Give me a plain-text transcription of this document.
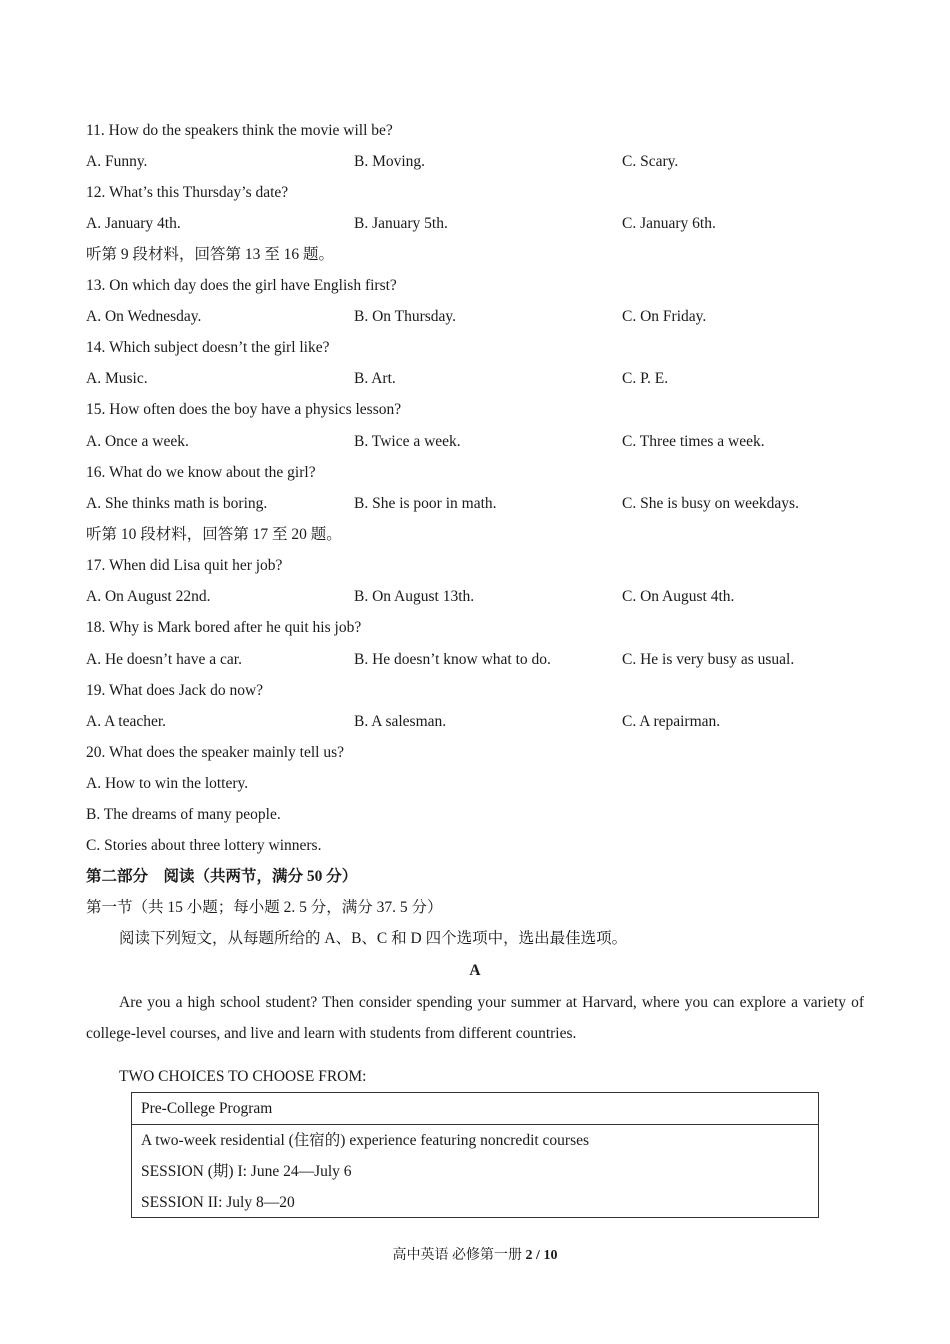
11. How do the speakers think the movie will be?
A. Funny.	B. Moving.	C. Scary.
12. What’s this Thursday’s date?
A. January 4th.	B. January 5th.	C. January 6th.
听第 9 段材料，回答第 13 至 16 题。
13. On which day does the girl have English first?
A. On Wednesday.	B. On Thursday.	C. On Friday.
14. Which subject doesn’t the girl like?
A. Music.	B. Art.	C. P. E.
15. How often does the boy have a physics lesson?
A. Once a week.	B. Twice a week.	C. Three times a week.
16. What do we know about the girl?
A. She thinks math is boring.	B. She is poor in math.	C. She is busy on weekdays.
听第 10 段材料，回答第 17 至 20 题。
17. When did Lisa quit her job?
A. On August 22nd.	B. On August 13th.	C. On August 4th.
18. Why is Mark bored after he quit his job?
A. He doesn’t have a car.	B. He doesn’t know what to do.	C. He is very busy as usual.
19. What does Jack do now?
A. A teacher.	B. A salesman.	C. A repairman.
20. What does the speaker mainly tell us?
A. How to win the lottery.
B. The dreams of many people.
C. Stories about three lottery winners.
第二部分　阅读（共两节，满分 50 分）
第一节（共 15 小题；每小题 2. 5 分，满分 37. 5 分）
阅读下列短文，从每题所给的 A、B、C 和 D 四个选项中，选出最佳选项。
A
Are you a high school student? Then consider spending your summer at Harvard, where you can explore a variety of college-level courses, and live and learn with students from different countries.
TWO CHOICES TO CHOOSE FROM:
Pre-College Program
A two-week residential (住宿的) experience featuring noncredit courses
SESSION (期) I: June 24—July 6
SESSION II: July 8—20
高中英语 必修第一册 2 / 10
